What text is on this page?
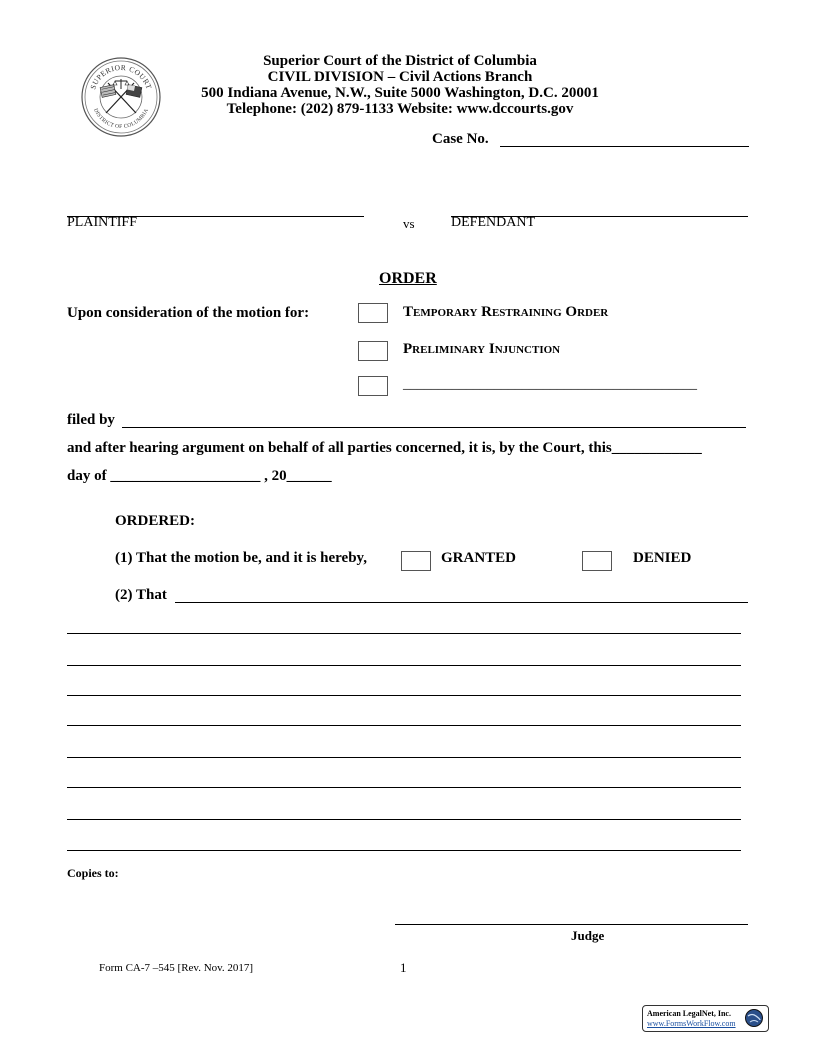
SUPERIOR COURT
DISTRICT OF COLUMBIA
Superior Court of the District of Columbia
CIVIL DIVISION – Civil Actions Branch
500 Indiana Avenue, N.W., Suite 5000 Washington, D.C. 20001
Telephone: (202) 879-1133 Website: www.dccourts.gov
Case No.
PLAINTIFF	vs	DEFENDANT
ORDER
Upon consideration of the motion for:	Temporary Restraining Order
Preliminary Injunction
__________________________________________
filed by
and after hearing argument on behalf of all parties concerned, it is, by the Court, this____________
day of ____________________ , 20______
ORDERED:
(1) That the motion be, and it is hereby,	GRANTED	DENIED
(2) That
Copies to:
Judge
Form CA-7 –545 [Rev. Nov. 2017]	1
American LegalNet, Inc.
www.FormsWorkFlow.com
